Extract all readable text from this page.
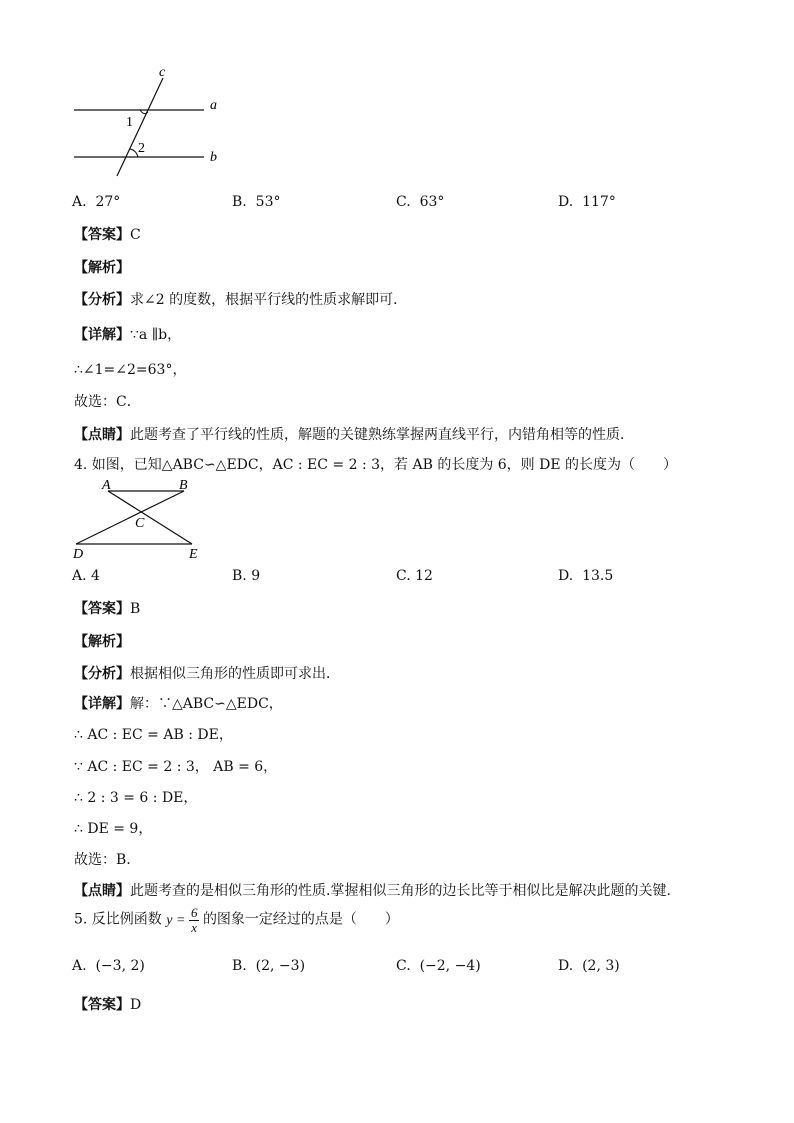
c
a
b
1
2
A. 27°	B. 53°	C. 63°	D. 117°
【答案】C
【解析】
【分析】求∠2 的度数，根据平行线的性质求解即可．
【详解】∵a ∥b，
∴∠1=∠2=63°，
故选：C．
【点睛】此题考查了平行线的性质，解题的关键熟练掌握两直线平行，内错角相等的性质．
4. 如图，已知△ABC∽△EDC，AC : EC = 2 : 3，若 AB 的长度为 6，则 DE 的长度为（　　）
A	B
C
D	E
A. 4	B. 9	C. 12	D. 13.5
【答案】B
【解析】
【分析】根据相似三角形的性质即可求出．
【详解】解：∵△ABC∽△EDC，
∴ AC : EC = AB : DE，
∵ AC : EC = 2 : 3， AB = 6，
∴ 2 : 3 = 6 : DE，
∴ DE = 9，
故选：B.
【点睛】此题考查的是相似三角形的性质.掌握相似三角形的边长比等于相似比是解决此题的关键.
5. 反比例函数 $y = \frac{6}{x}$ 的图象一定经过的点是（　　）
A. (−3, 2)	B. (2, −3)	C. (−2, −4)	D. (2, 3)
【答案】D
